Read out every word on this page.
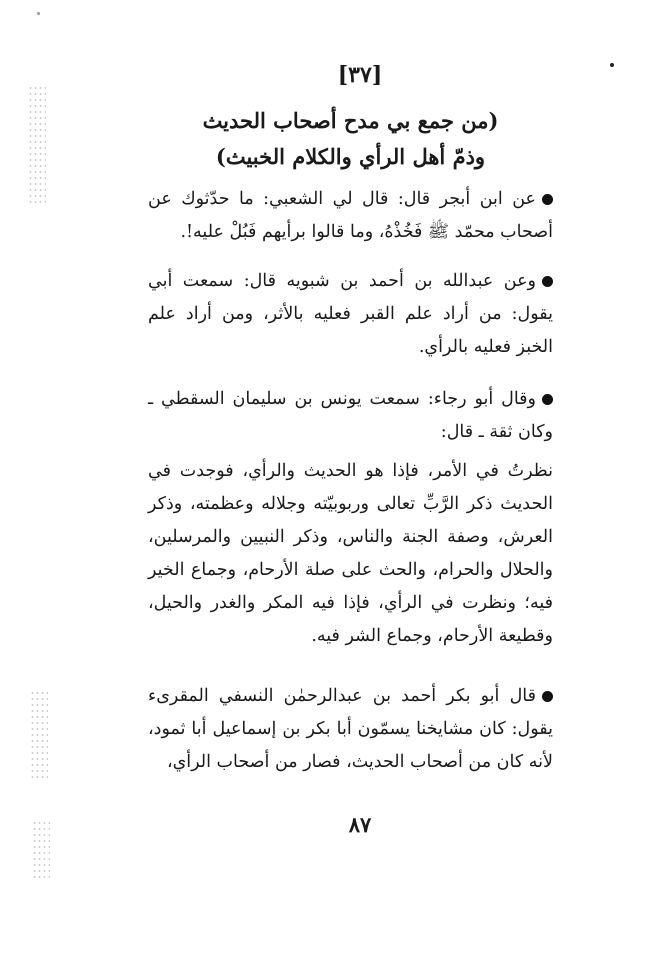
[٣٧]
(من جمع بي مدح أصحاب الحديث
وذمّ أهل الرأي والكلام الخبيث)
عن ابن أبجر قال: قال لي الشعبي: ما حدّثوك عن أصحاب محمّد ﷺ فَخُذْهُ، وما قالوا برأيهم فَبُلْ عليه!.
وعن عبدالله بن أحمد بن شبويه قال: سمعت أبي يقول: من أراد علم القبر فعليه بالأثر، ومن أراد علم الخبز فعليه بالرأي.
وقال أبو رجاء: سمعت يونس بن سليمان السقطي ـ وكان ثقة ـ قال:
نظرتُ في الأمر، فإذا هو الحديث والرأي، فوجدت في الحديث ذكر الرَّبِّ تعالى وربوبيّته وجلاله وعظمته، وذكر العرش، وصفة الجنة والناس، وذكر النبيين والمرسلين، والحلال والحرام، والحث على صلة الأرحام، وجماع الخير فيه؛ ونظرت في الرأي، فإذا فيه المكر والغدر والحيل، وقطيعة الأرحام، وجماع الشر فيه.
قال أبو بكر أحمد بن عبدالرحمٰن النسفي المقرىء يقول: كان مشايخنا يسمّون أبا بكر بن إسماعيل أبا ثمود، لأنه كان من أصحاب الحديث، فصار من أصحاب الرأي،
٨٧
